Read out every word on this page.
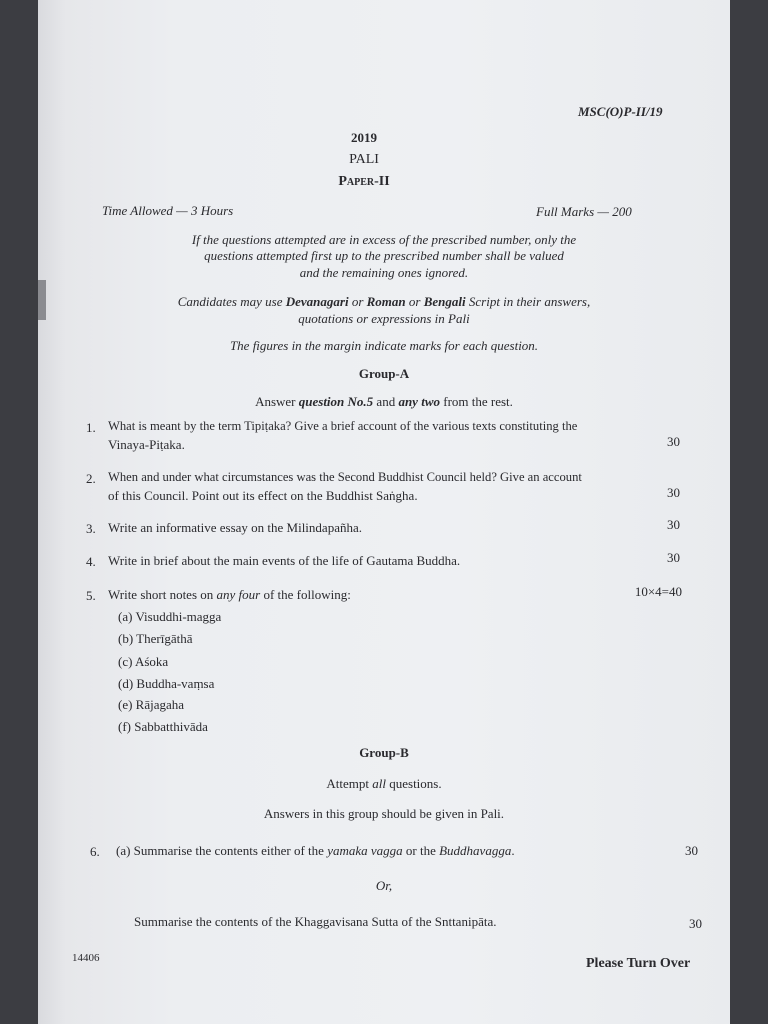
MSC(O)P-II/19
2019
PALI
Paper-II
Time Allowed — 3 Hours	Full Marks — 200
If the questions attempted are in excess of the prescribed number, only the
questions attempted first up to the prescribed number shall be valued
and the remaining ones ignored.
Candidates may use Devanagari or Roman or Bengali Script in their answers,
quotations or expressions in Pali
The figures in the margin indicate marks for each question.
Group-A
Answer question No.5 and any two from the rest.
1. What is meant by the term Tipiṭaka? Give a brief account of the various texts constituting the
Vinaya-Piṭaka.	30
2. When and under what circumstances was the Second Buddhist Council held? Give an account
of this Council. Point out its effect on the Buddhist Saṅgha.	30
3. Write an informative essay on the Milindapañha.	30
4. Write in brief about the main events of the life of Gautama Buddha.	30
5. Write short notes on any four of the following:	10×4=40
(a) Visuddhi-magga
(b) Therīgāthā
(c) Aśoka
(d) Buddha-vaṃsa
(e) Rājagaha
(f) Sabbatthivāda
Group-B
Attempt all questions.
Answers in this group should be given in Pali.
6. (a) Summarise the contents either of the yamaka vagga or the Buddhavagga.	30
Or,
Summarise the contents of the Khaggavisana Sutta of the Snttanipāta.	30
14406	Please Turn Over
